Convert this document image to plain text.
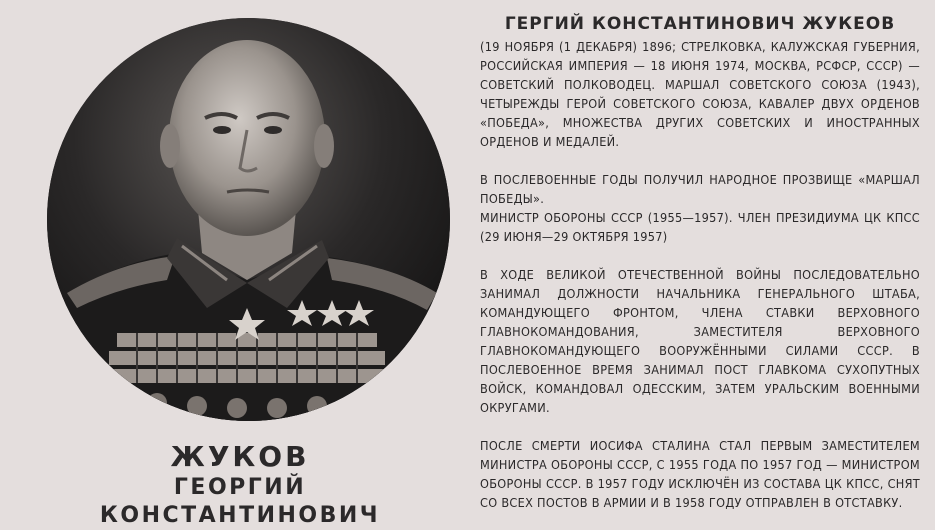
ЖУКОВ
ГЕОРГИЙ КОНСТАНТИНОВИЧ
ГЕРГИЙ КОНСТАНТИНОВИЧ ЖУКЕОВ

(19 НОЯБРЯ (1 ДЕКАБРЯ) 1896; СТРЕЛКОВКА, КАЛУЖСКАЯ ГУБЕРНИЯ, РОССИЙСКАЯ ИМПЕРИЯ — 18 ИЮНЯ 1974, МОСКВА, РСФСР, СССР) — СОВЕТСКИЙ ПОЛКОВОДЕЦ. МАРШАЛ СОВЕТСКОГО СОЮЗА (1943), ЧЕТЫРЕЖДЫ ГЕРОЙ СОВЕТСКОГО СОЮЗА, КАВАЛЕР ДВУХ ОРДЕНОВ «ПОБЕДА», МНОЖЕСТВА ДРУГИХ СОВЕТСКИХ И ИНОСТРАННЫХ ОРДЕНОВ И МЕДАЛЕЙ.

В ПОСЛЕВОЕННЫЕ ГОДЫ ПОЛУЧИЛ НАРОДНОЕ ПРОЗВИЩЕ «МАРШАЛ ПОБЕДЫ».

МИНИСТР ОБОРОНЫ СССР (1955—1957). ЧЛЕН ПРЕЗИДИУМА ЦК КПСС (29 ИЮНЯ—29 ОКТЯБРЯ 1957)

В ХОДЕ ВЕЛИКОЙ ОТЕЧЕСТВЕННОЙ ВОЙНЫ ПОСЛЕДОВАТЕЛЬНО ЗАНИМАЛ ДОЛЖНОСТИ НАЧАЛЬНИКА ГЕНЕРАЛЬНОГО ШТАБА, КОМАНДУЮЩЕГО ФРОНТОМ, ЧЛЕНА СТАВКИ ВЕРХОВНОГО ГЛАВНОКОМАНДОВАНИЯ, ЗАМЕСТИТЕЛЯ ВЕРХОВНОГО ГЛАВНОКОМАНДУЮЩЕГО ВООРУЖЁННЫМИ СИЛАМИ СССР. В ПОСЛЕВОЕННОЕ ВРЕМЯ ЗАНИМАЛ ПОСТ ГЛАВКОМА СУХОПУТНЫХ ВОЙСК, КОМАНДОВАЛ ОДЕССКИМ, ЗАТЕМ УРАЛЬСКИМ ВОЕННЫМИ ОКРУГАМИ.

ПОСЛЕ СМЕРТИ ИОСИФА СТАЛИНА СТАЛ ПЕРВЫМ ЗАМЕСТИТЕЛЕМ МИНИСТРА ОБОРОНЫ СССР, С 1955 ГОДА ПО 1957 ГОД — МИНИСТРОМ ОБОРОНЫ СССР. В 1957 ГОДУ ИСКЛЮЧЁН ИЗ СОСТАВА ЦК КПСС, СНЯТ СО ВСЕХ ПОСТОВ В АРМИИ И В 1958 ГОДУ ОТПРАВЛЕН В ОТСТАВКУ.
